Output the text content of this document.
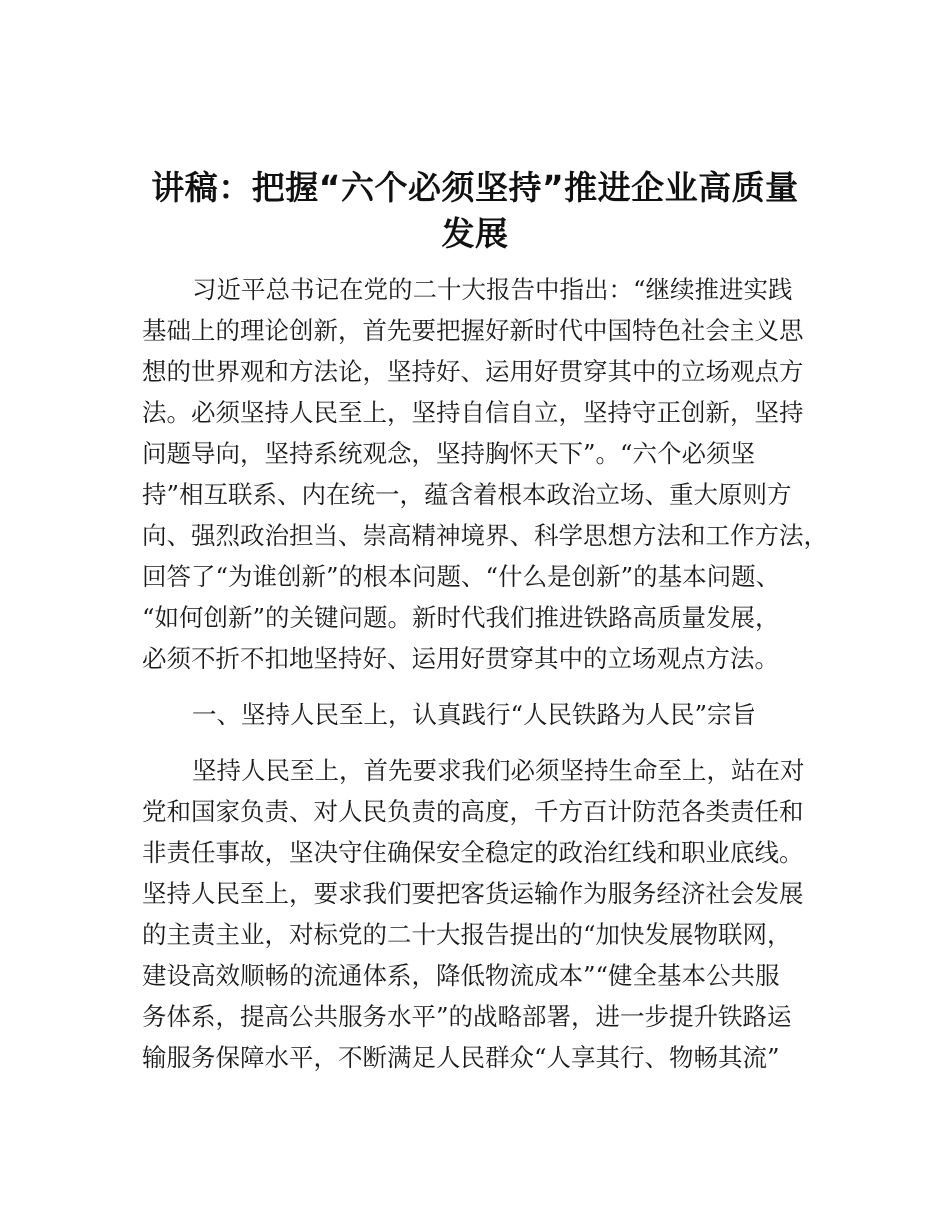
讲稿：把握“六个必须坚持”推进企业高质量
发展
习近平总书记在党的二十大报告中指出：“继续推进实践
基础上的理论创新，首先要把握好新时代中国特色社会主义思
想的世界观和方法论，坚持好、运用好贯穿其中的立场观点方
法。必须坚持人民至上，坚持自信自立，坚持守正创新，坚持
问题导向，坚持系统观念，坚持胸怀天下”。“六个必须坚
持”相互联系、内在统一，蕴含着根本政治立场、重大原则方
向、强烈政治担当、崇高精神境界、科学思想方法和工作方法，
回答了“为谁创新”的根本问题、“什么是创新”的基本问题、
“如何创新”的关键问题。新时代我们推进铁路高质量发展，
必须不折不扣地坚持好、运用好贯穿其中的立场观点方法。
一、坚持人民至上，认真践行“人民铁路为人民”宗旨
坚持人民至上，首先要求我们必须坚持生命至上，站在对
党和国家负责、对人民负责的高度，千方百计防范各类责任和
非责任事故，坚决守住确保安全稳定的政治红线和职业底线。
坚持人民至上，要求我们要把客货运输作为服务经济社会发展
的主责主业，对标党的二十大报告提出的“加快发展物联网，
建设高效顺畅的流通体系，降低物流成本”“健全基本公共服
务体系，提高公共服务水平”的战略部署，进一步提升铁路运
输服务保障水平，不断满足人民群众“人享其行、物畅其流”
